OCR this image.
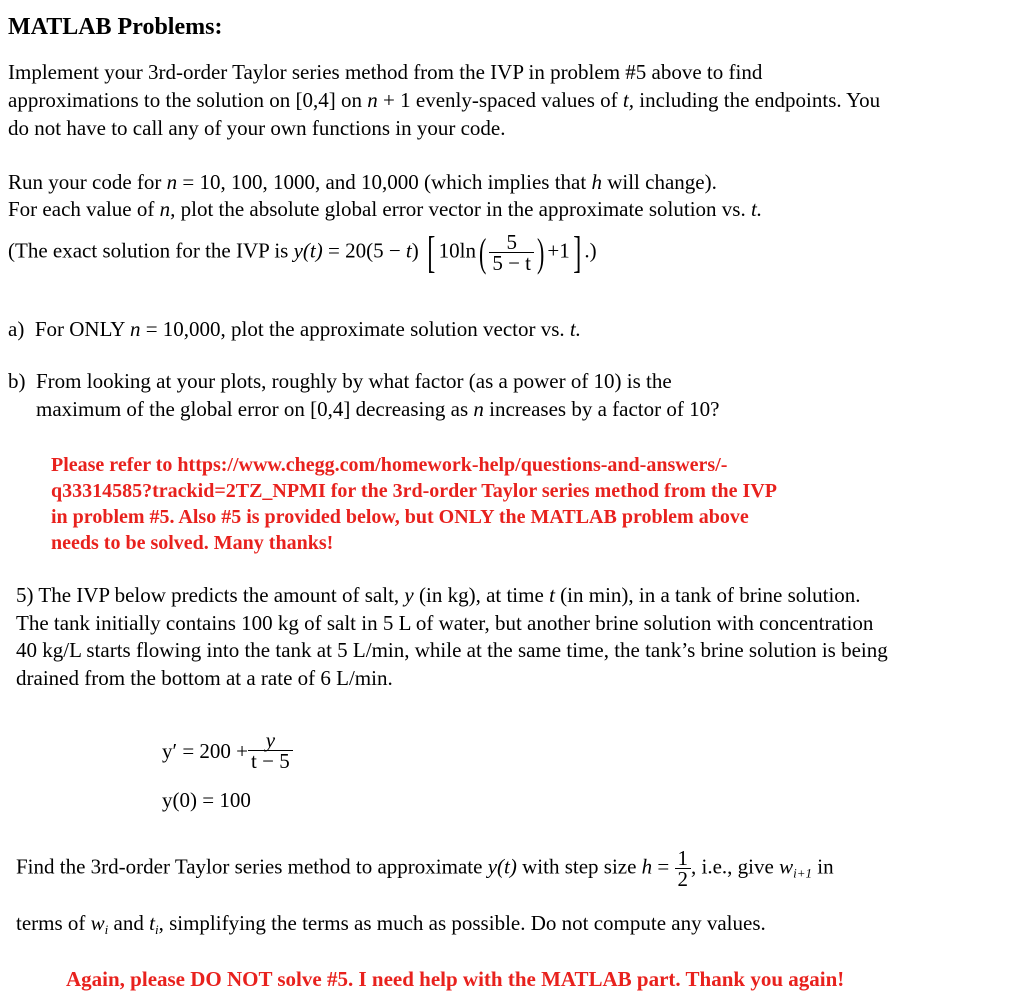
MATLAB Problems:
Implement your 3rd-order Taylor series method from the IVP in problem #5 above to find
approximations to the solution on [0,4] on n + 1 evenly-spaced values of t, including the endpoints. You
do not have to call any of your own functions in your code.
Run your code for n = 10, 100, 1000, and 10,000 (which implies that h will change).
For each value of n, plot the absolute global error vector in the approximate solution vs. t.
(The exact solution for the IVP is y(t) = 20(5 − t) [ $10\ln( \frac{5}{5 - t}$ ) +1] .)
a) For ONLY n = 10,000, plot the approximate solution vector vs. t.
b) From looking at your plots, roughly by what factor (as a power of 10) is the
maximum of the global error on [0,4] decreasing as n increases by a factor of 10?
Please refer to https://www.chegg.com/homework-help/questions-and-answers/-
q33314585?trackid=2TZ_NPMI for the 3rd-order Taylor series method from the IVP
in problem #5. Also #5 is provided below, but ONLY the MATLAB problem above
needs to be solved. Many thanks!
5) The IVP below predicts the amount of salt, y (in kg), at time t (in min), in a tank of brine solution.
The tank initially contains 100 kg of salt in 5 L of water, but another brine solution with concentration
40 kg/L starts flowing into the tank at 5 L/min, while at the same time, the tank’s brine solution is being
drained from the bottom at a rate of 6 L/min.
$y' = 200 + \frac{y}{t - 5}$
y(0) = 100
Find the 3rd-order Taylor series method to approximate y(t) with step size $h = \frac{1}{2}$ , i.e., give $w_{i+1}$ in
terms of $w_i$ and $t_i$, simplifying the terms as much as possible. Do not compute any values.
Again, please DO NOT solve #5. I need help with the MATLAB part. Thank you again!
